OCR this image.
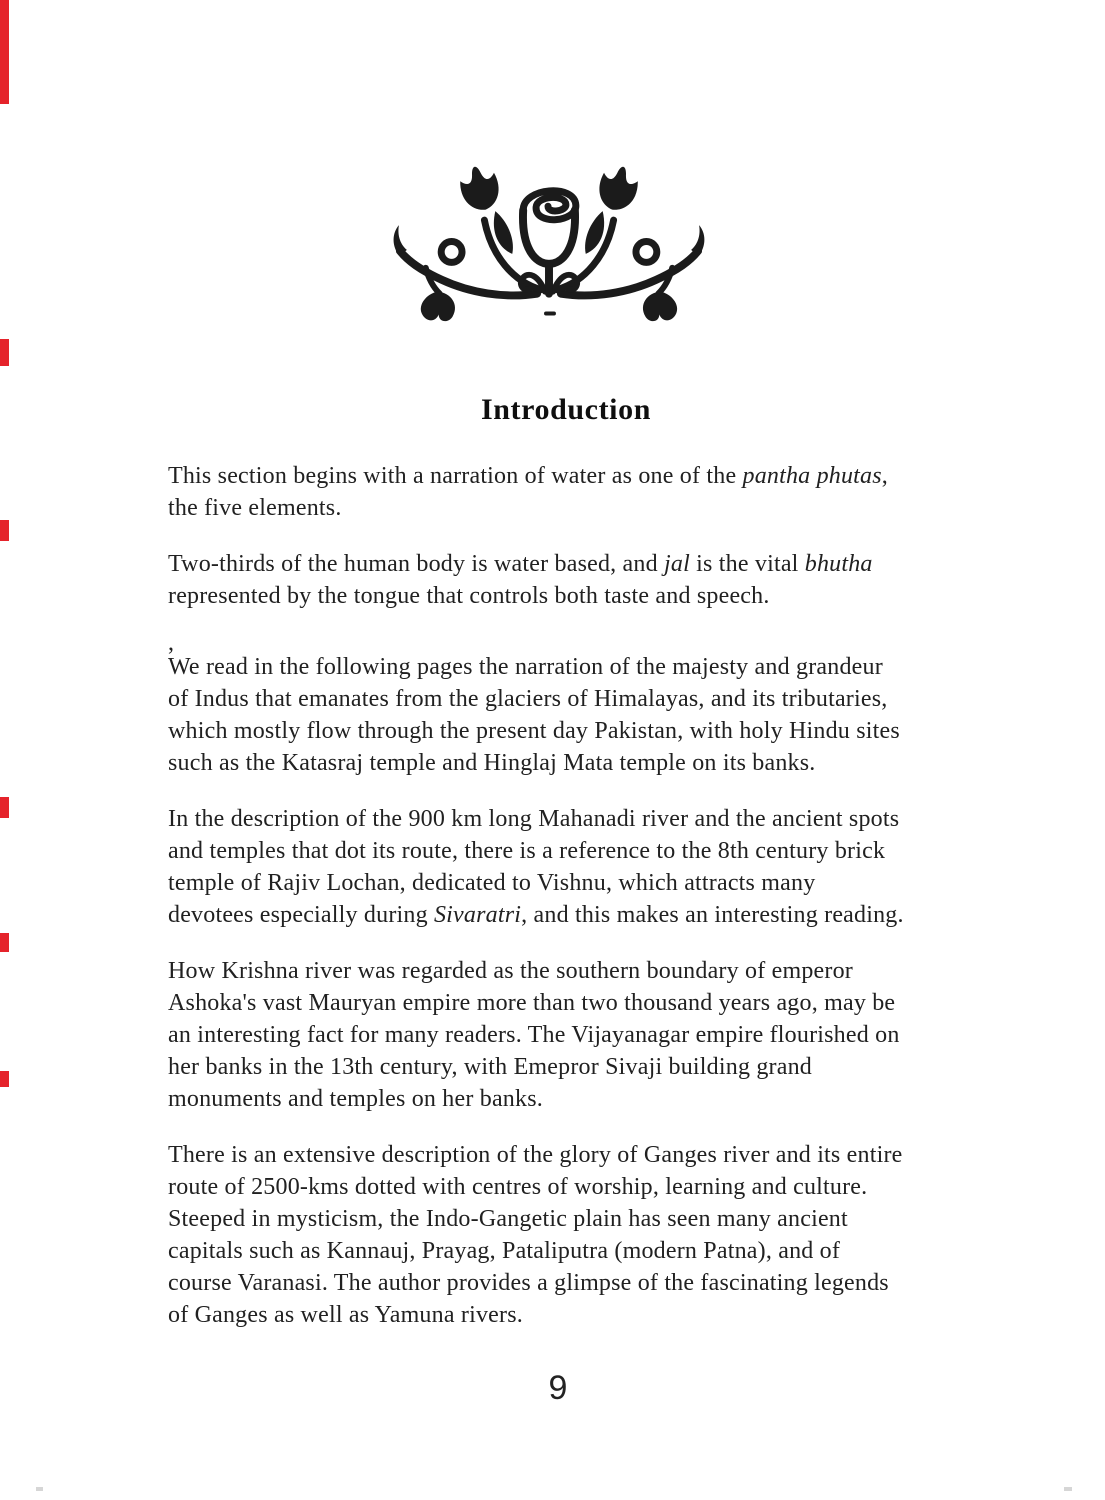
Introduction
This section begins with a narration of water as one of the pantha phutas,
the five elements.
Two-thirds of the human body is water based, and jal is the vital bhutha
represented by the tongue that controls both taste and speech.
,
We read in the following pages the narration of the majesty and grandeur
of Indus that emanates from the glaciers of Himalayas, and its tributaries,
which mostly flow through the present day Pakistan, with holy Hindu sites
such as the Katasraj temple and Hinglaj Mata temple on its banks.
In the description of the 900 km long Mahanadi river and the ancient spots
and temples that dot its route, there is a reference to the 8th century brick
temple of Rajiv Lochan, dedicated to Vishnu, which attracts many
devotees especially during Sivaratri, and this makes an interesting reading.
How Krishna river was regarded as the southern boundary of emperor
Ashoka's vast Mauryan empire more than two thousand years ago, may be
an interesting fact for many readers. The Vijayanagar empire flourished on
her banks in the 13th century, with Emepror Sivaji building grand
monuments and temples on her banks.
There is an extensive description of the glory of Ganges river and its entire
route of 2500-kms dotted with centres of worship, learning and culture.
Steeped in mysticism, the Indo-Gangetic plain has seen many ancient
capitals such as Kannauj, Prayag, Pataliputra (modern Patna), and of
course Varanasi. The author provides a glimpse of the fascinating legends
of Ganges as well as Yamuna rivers.
9
